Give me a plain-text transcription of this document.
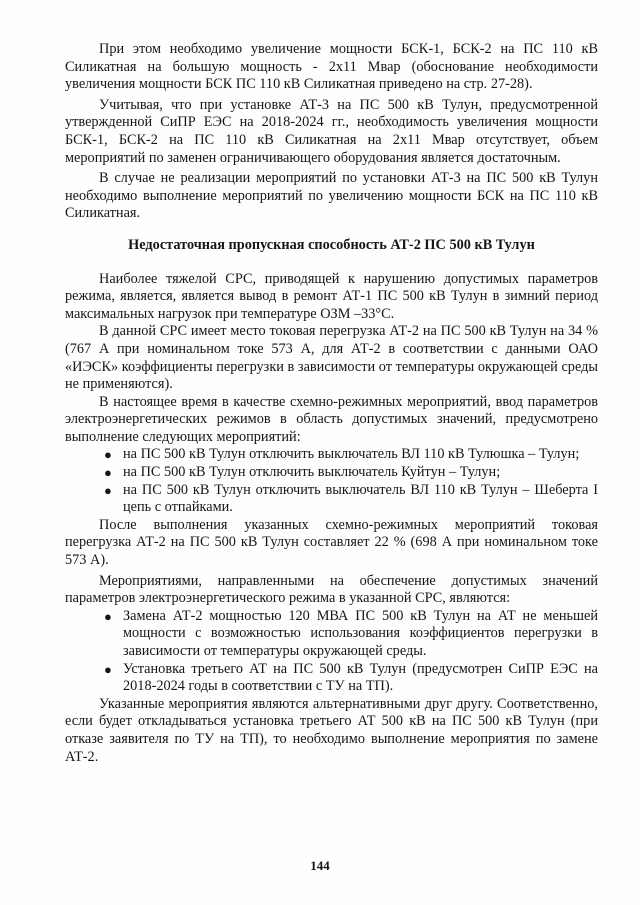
При этом необходимо увеличение мощности БСК-1, БСК-2 на ПС 110 кВ Силикатная на большую мощность - 2x11 Мвар (обоснование необходимости увеличения мощности БСК ПС 110 кВ Силикатная приведено на стр. 27-28).

Учитывая, что при установке АТ-3 на ПС 500 кВ Тулун, предусмотренной утвержденной СиПР ЕЭС на 2018-2024 гг., необходимость увеличения мощности БСК-1, БСК-2 на ПС 110 кВ Силикатная на 2x11 Мвар отсутствует, объем мероприятий по заменен ограничивающего оборудования является достаточным.

В случае не реализации мероприятий по установки АТ-3 на ПС 500 кВ Тулун необходимо выполнение мероприятий по увеличению мощности БСК на ПС 110 кВ Силикатная.

Недостаточная пропускная способность АТ-2 ПС 500 кВ Тулун

Наиболее тяжелой СРС, приводящей к нарушению допустимых параметров режима, является, является вывод в ремонт АТ-1 ПС 500 кВ Тулун в зимний период максимальных нагрузок при температуре ОЗМ –33°С.

В данной СРС имеет место токовая перегрузка АТ-2 на ПС 500 кВ Тулун на 34 % (767 А при номинальном токе 573 А, для АТ-2 в соответствии с данными ОАО «ИЭСК» коэффициенты перегрузки в зависимости от температуры окружающей среды не применяются).

В настоящее время в качестве схемно-режимных мероприятий, ввод параметров электроэнергетических режимов в область допустимых значений, предусмотрено выполнение следующих мероприятий:

● на ПС 500 кВ Тулун отключить выключатель ВЛ 110 кВ Тулюшка – Тулун;
● на ПС 500 кВ Тулун отключить выключатель Куйтун – Тулун;
● на ПС 500 кВ Тулун отключить выключатель ВЛ 110 кВ Тулун – Шеберта I цепь с отпайками.

После выполнения указанных схемно-режимных мероприятий токовая перегрузка АТ-2 на ПС 500 кВ Тулун составляет 22 % (698 А при номинальном токе 573 А).

Мероприятиями, направленными на обеспечение допустимых значений параметров электроэнергетического режима в указанной СРС, являются:

● Замена АТ-2 мощностью 120 МВА ПС 500 кВ Тулун на АТ не меньшей мощности с возможностью использования коэффициентов перегрузки в зависимости от температуры окружающей среды.
● Установка третьего АТ на ПС 500 кВ Тулун (предусмотрен СиПР ЕЭС на 2018-2024 годы в соответствии с ТУ на ТП).

Указанные мероприятия являются альтернативными друг другу. Соответственно, если будет откладываться установка третьего АТ 500 кВ на ПС 500 кВ Тулун (при отказе заявителя по ТУ на ТП), то необходимо выполнение мероприятия по замене АТ-2.

144
